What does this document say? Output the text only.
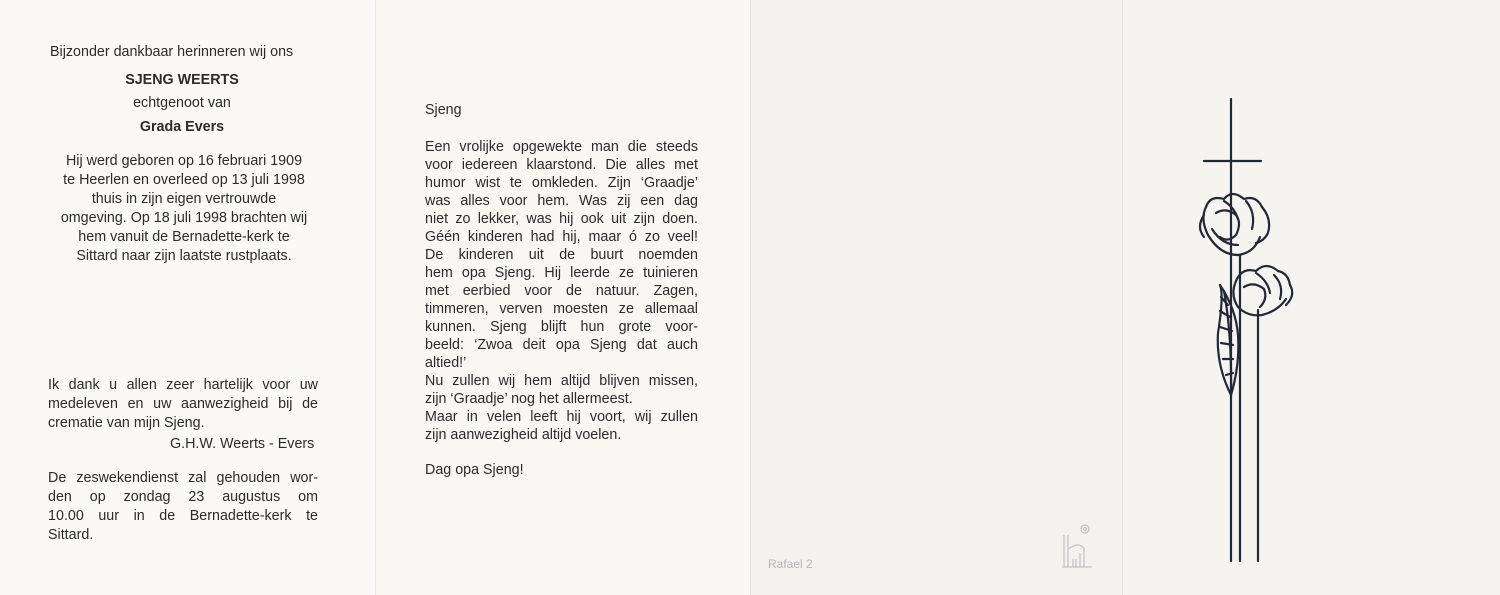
Bijzonder dankbaar herinneren wij ons
SJENG WEERTS
echtgenoot van
Grada Evers
Hij werd geboren op 16 februari 1909
te Heerlen en overleed op 13 juli 1998
thuis in zijn eigen vertrouwde
omgeving. Op 18 juli 1998 brachten wij
hem vanuit de Bernadette-kerk te
Sittard naar zijn laatste rustplaats.
Ik dank u allen zeer hartelijk voor uw
medeleven en uw aanwezigheid bij de
crematie van mijn Sjeng.
G.H.W. Weerts - Evers
De zeswekendienst zal gehouden wor-
den op zondag 23 augustus om
10.00 uur in de Bernadette-kerk te
Sittard.
Sjeng
Een vrolijke opgewekte man die steeds
voor iedereen klaarstond. Die alles met
humor wist te omkleden. Zijn ‘Graadje’
was alles voor hem. Was zij een dag
niet zo lekker, was hij ook uit zijn doen.
Géén kinderen had hij, maar ó zo veel!
De kinderen uit de buurt noemden
hem opa Sjeng. Hij leerde ze tuinieren
met eerbied voor de natuur. Zagen,
timmeren, verven moesten ze allemaal
kunnen. Sjeng blijft hun grote voor-
beeld: ‘Zwoa deit opa Sjeng dat auch
altied!’
Nu zullen wij hem altijd blijven missen,
zijn ‘Graadje’ nog het allermeest.
Maar in velen leeft hij voort, wij zullen
zijn aanwezigheid altijd voelen.
Dag opa Sjeng!
Rafael 2
